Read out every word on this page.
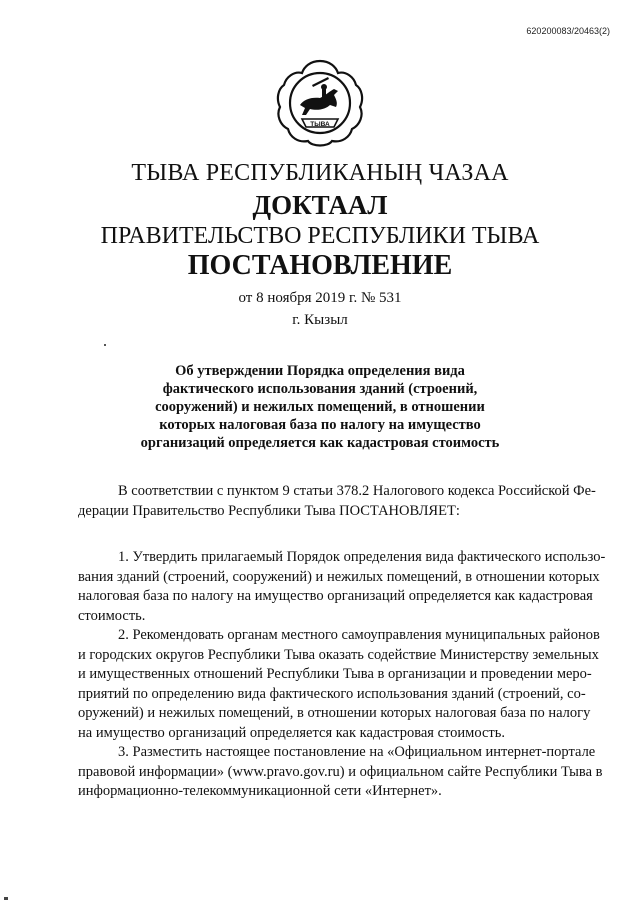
620200083/20463(2)
ТЫВА
ТЫВА РЕСПУБЛИКАНЫҢ ЧАЗАА
ДОКТААЛ
ПРАВИТЕЛЬСТВО РЕСПУБЛИКИ ТЫВА
ПОСТАНОВЛЕНИЕ
от 8 ноября 2019 г. № 531
г. Кызыл
Об утверждении Порядка определения вида
фактического использования зданий (строений,
сооружений) и нежилых помещений, в отношении
которых налоговая база по налогу на имущество
организаций определяется как кадастровая стоимость
В соответствии с пунктом 9 статьи 378.2 Налогового кодекса Российской Фе-
дерации Правительство Республики Тыва ПОСТАНОВЛЯЕТ:
1. Утвердить прилагаемый Порядок определения вида фактического использо-
вания зданий (строений, сооружений) и нежилых помещений, в отношении которых
налоговая база по налогу на имущество организаций определяется как кадастровая
стоимость.
2. Рекомендовать органам местного самоуправления муниципальных районов
и городских округов Республики Тыва оказать содействие Министерству земельных
и имущественных отношений Республики Тыва в организации и проведении меро-
приятий по определению вида фактического использования зданий (строений, со-
оружений) и нежилых помещений, в отношении которых налоговая база по налогу
на имущество организаций определяется как кадастровая стоимость.
3. Разместить настоящее постановление на «Официальном интернет-портале
правовой информации» (www.pravo.gov.ru) и официальном сайте Республики Тыва в
информационно-телекоммуникационной сети «Интернет».
